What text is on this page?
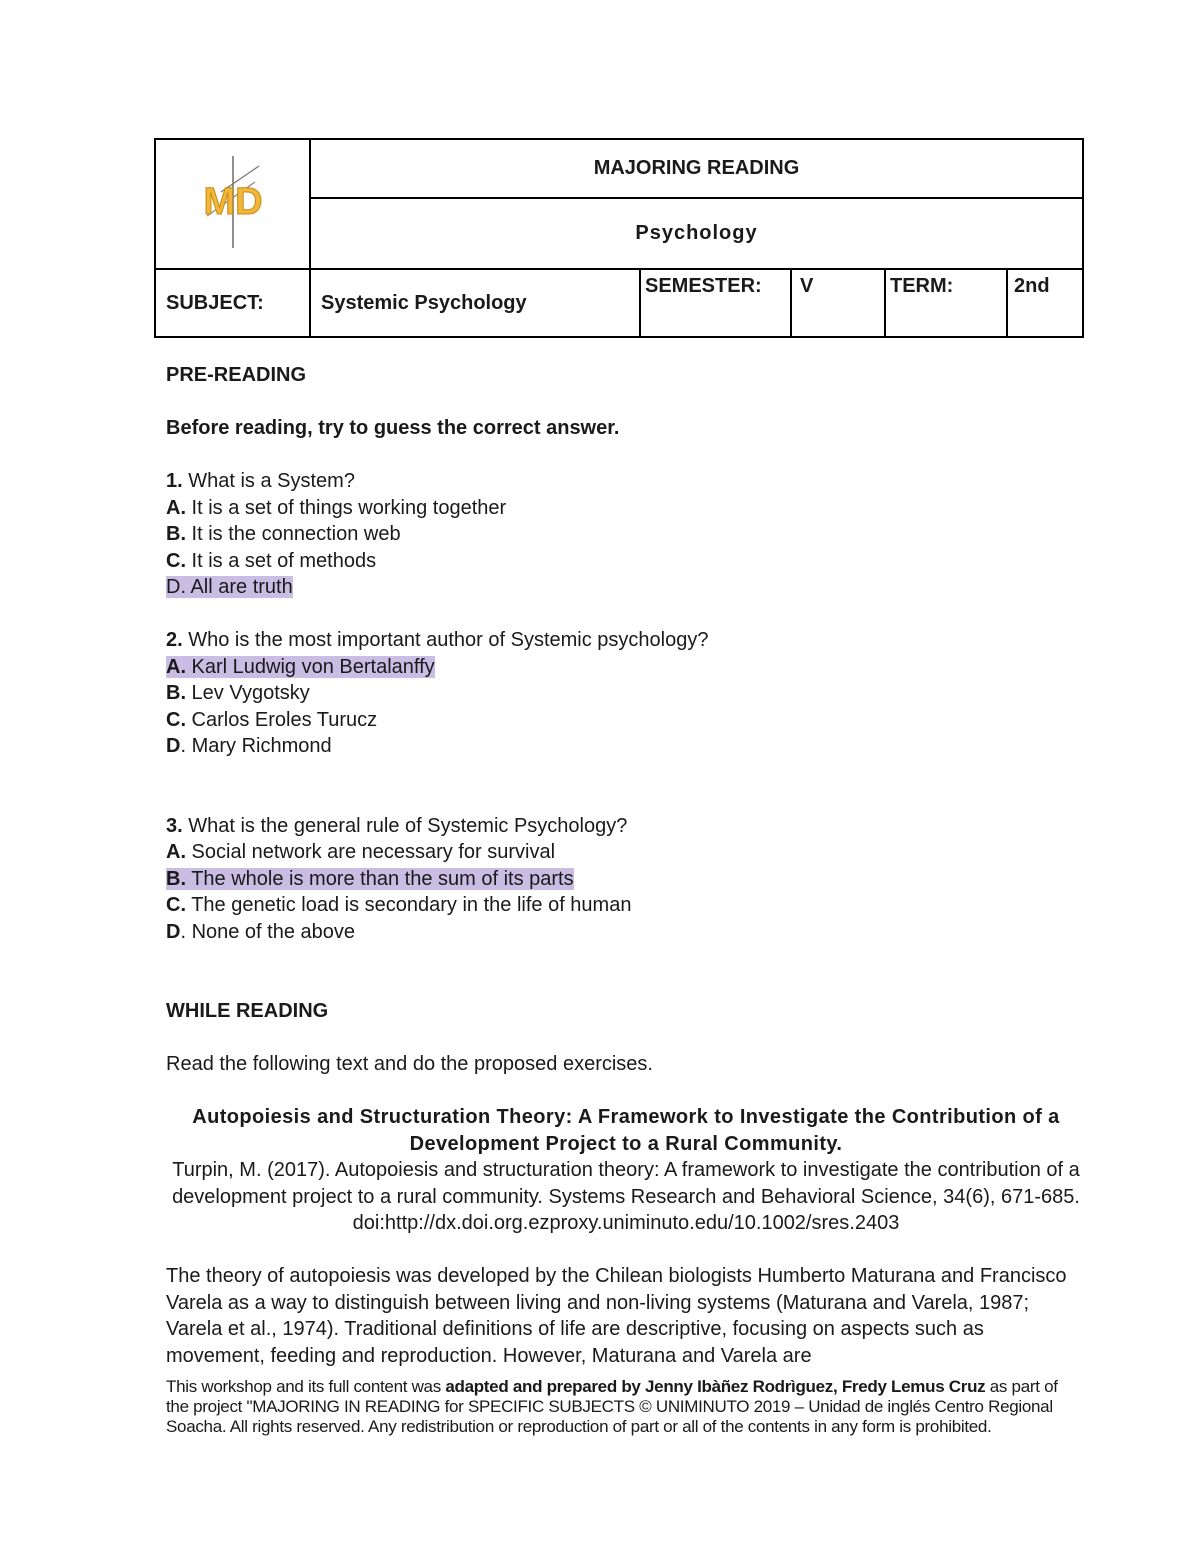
MD	MAJORING READING				
	Psychology				
SUBJECT:	Systemic Psychology	SEMESTER:	V	TERM:	2nd

PRE-READING

Before reading, try to guess the correct answer.

1. What is a System?

A. It is a set of things working together

B. It is the connection web

C. It is a set of methods

D. All are truth

2. Who is the most important author of Systemic psychology?

A. Karl Ludwig von Bertalanffy

B. Lev Vygotsky

C. Carlos Eroles Turucz

D. Mary Richmond

3. What is the general rule of Systemic Psychology?

A. Social network are necessary for survival

B. The whole is more than the sum of its parts

C. The genetic load is secondary in the life of human

D. None of the above

WHILE READING

Read the following text and do the proposed exercises.

Autopoiesis and Structuration Theory: A Framework to Investigate the Contribution of a Development Project to a Rural Community.

Turpin, M. (2017). Autopoiesis and structuration theory: A framework to investigate the contribution of a development project to a rural community. Systems Research and Behavioral Science, 34(6), 671-685. doi:http://dx.doi.org.ezproxy.uniminuto.edu/10.1002/sres.2403

The theory of autopoiesis was developed by the Chilean biologists Humberto Maturana and Francisco Varela as a way to distinguish between living and non-living systems (Maturana and Varela, 1987; Varela et al., 1974). Traditional definitions of life are descriptive, focusing on aspects such as movement, feeding and reproduction. However, Maturana and Varela are

This workshop and its full content was adapted and prepared by Jenny Ibàñez Rodrìguez, Fredy Lemus Cruz as part of the project "MAJORING IN READING for SPECIFIC SUBJECTS © UNIMINUTO 2019 – Unidad de inglés Centro Regional Soacha. All rights reserved. Any redistribution or reproduction of part or all of the contents in any form is prohibited.
